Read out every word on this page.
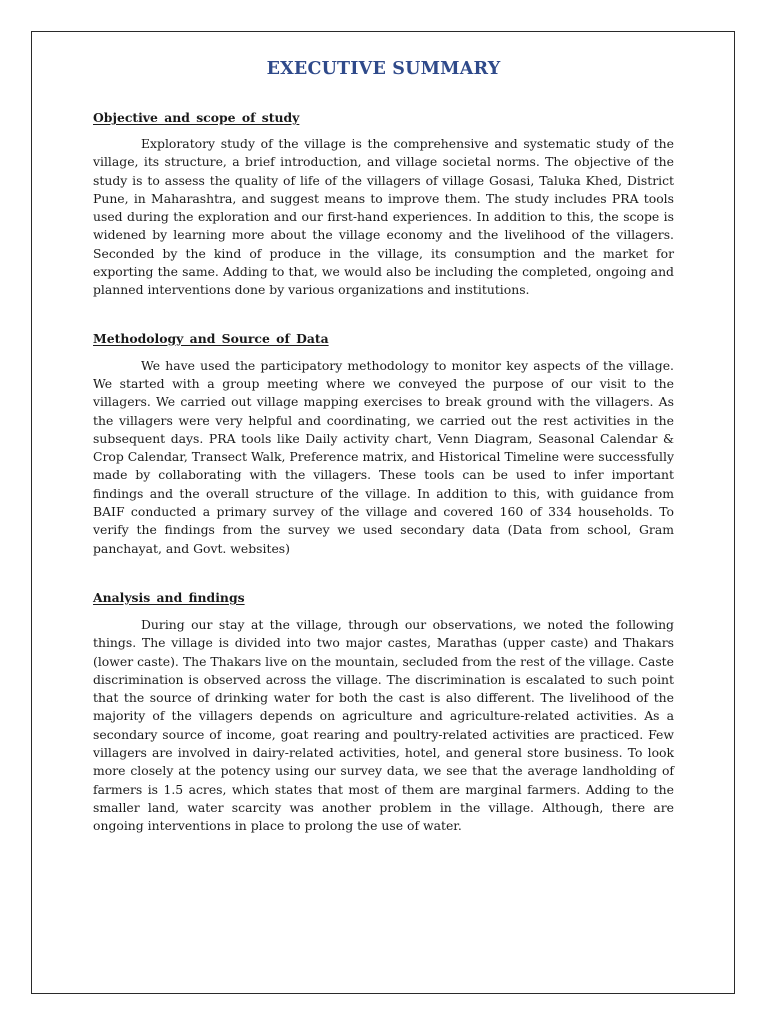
EXECUTIVE SUMMARY
Objective and scope of study

Exploratory study of the village is the comprehensive and systematic study of the village, its structure, a brief introduction, and village societal norms. The objective of the study is to assess the quality of life of the villagers of village Gosasi, Taluka Khed, District Pune, in Maharashtra, and suggest means to improve them. The study includes PRA tools used during the exploration and our first-hand experiences. In addition to this, the scope is widened by learning more about the village economy and the livelihood of the villagers. Seconded by the kind of produce in the village, its consumption and the market for exporting the same. Adding to that, we would also be including the completed, ongoing and planned interventions done by various organizations and institutions.

Methodology and Source of Data

We have used the participatory methodology to monitor key aspects of the village. We started with a group meeting where we conveyed the purpose of our visit to the villagers. We carried out village mapping exercises to break ground with the villagers. As the villagers were very helpful and coordinating, we carried out the rest activities in the subsequent days. PRA tools like Daily activity chart, Venn Diagram, Seasonal Calendar & Crop Calendar, Transect Walk, Preference matrix, and Historical Timeline were successfully made by collaborating with the villagers. These tools can be used to infer important findings and the overall structure of the village. In addition to this, with guidance from BAIF conducted a primary survey of the village and covered 160 of 334 households. To verify the findings from the survey we used secondary data (Data from school, Gram panchayat, and Govt. websites)

Analysis and findings

During our stay at the village, through our observations, we noted the following things. The village is divided into two major castes, Marathas (upper caste) and Thakars (lower caste). The Thakars live on the mountain, secluded from the rest of the village. Caste discrimination is observed across the village. The discrimination is escalated to such point that the source of drinking water for both the cast is also different. The livelihood of the majority of the villagers depends on agriculture and agriculture-related activities. As a secondary source of income, goat rearing and poultry-related activities are practiced. Few villagers are involved in dairy-related activities, hotel, and general store business. To look more closely at the potency using our survey data, we see that the average landholding of farmers is 1.5 acres, which states that most of them are marginal farmers. Adding to the smaller land, water scarcity was another problem in the village. Although, there are ongoing interventions in place to prolong the use of water.
